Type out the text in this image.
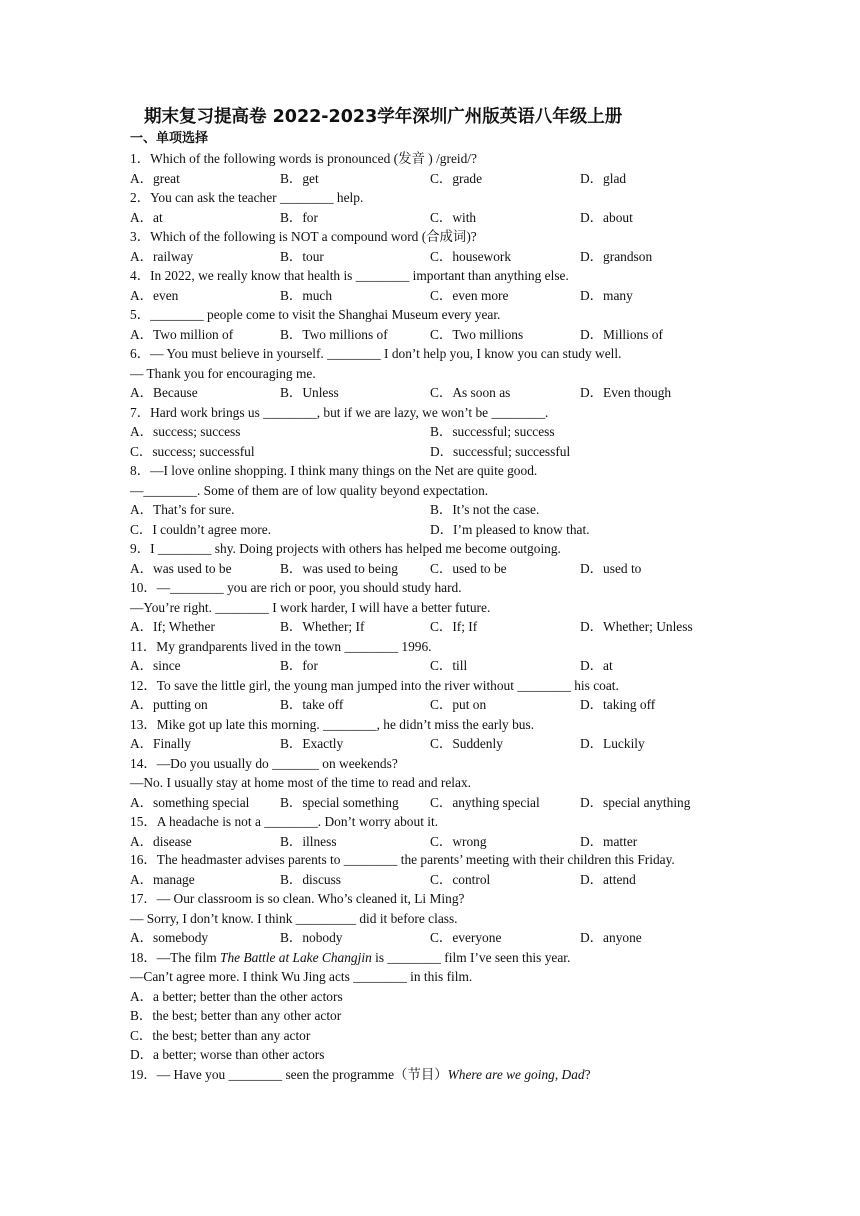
期末复习提高卷 2022-2023学年深圳广州版英语八年级上册
一、单项选择
1．Which of the following words is pronounced (发音 ) /greid/?
A．great	B．get	C．grade	D．glad
2．You can ask the teacher ________ help.
A．at	B．for	C．with	D．about
3．Which of the following is NOT a compound word (合成词)?
A．railway	B．tour	C．housework	D．grandson
4．In 2022, we really know that health is ________ important than anything else.
A．even	B．much	C．even more	D．many
5．________ people come to visit the Shanghai Museum every year.
A．Two million of	B．Two millions of	C．Two millions	D．Millions of
6．— You must believe in yourself. ________ I don’t help you, I know you can study well.
— Thank you for encouraging me.
A．Because	B．Unless	C．As soon as	D．Even though
7．Hard work brings us ________, but if we are lazy, we won’t be ________.
A．success; success	B．successful; success
C．success; successful	D．successful; successful
8．—I love online shopping. I think many things on the Net are quite good.
—________. Some of them are of low quality beyond expectation.
A．That’s for sure.	B．It’s not the case.
C．I couldn’t agree more.	D．I’m pleased to know that.
9．I ________ shy. Doing projects with others has helped me become outgoing.
A．was used to be	B．was used to being	C．used to be	D．used to
10．—________ you are rich or poor, you should study hard.
—You’re right. ________ I work harder, I will have a better future.
A．If; Whether	B．Whether; If	C．If; If	D．Whether; Unless
11．My grandparents lived in the town ________ 1996.
A．since	B．for	C．till	D．at
12．To save the little girl, the young man jumped into the river without ________ his coat.
A．putting on	B．take off	C．put on	D．taking off
13．Mike got up late this morning. ________, he didn’t miss the early bus.
A．Finally	B．Exactly	C．Suddenly	D．Luckily
14．—Do you usually do _______ on weekends?
—No. I usually stay at home most of the time to read and relax.
A．something special	B．special something	C．anything special	D．special anything
15．A headache is not a ________. Don’t worry about it.
A．disease	B．illness	C．wrong	D．matter
16．The headmaster advises parents to ________ the parents’ meeting with their children this Friday.
A．manage	B．discuss	C．control	D．attend
17．— Our classroom is so clean. Who’s cleaned it, Li Ming?
— Sorry, I don’t know. I think _________ did it before class.
A．somebody	B．nobody	C．everyone	D．anyone
18．—The film The Battle at Lake Changjin is ________ film I’ve seen this year.
—Can’t agree more. I think Wu Jing acts ________ in this film.
A．a better; better than the other actors
B．the best; better than any other actor
C．the best; better than any actor
D．a better; worse than other actors
19．— Have you ________ seen the programme（节目）Where are we going, Dad?
